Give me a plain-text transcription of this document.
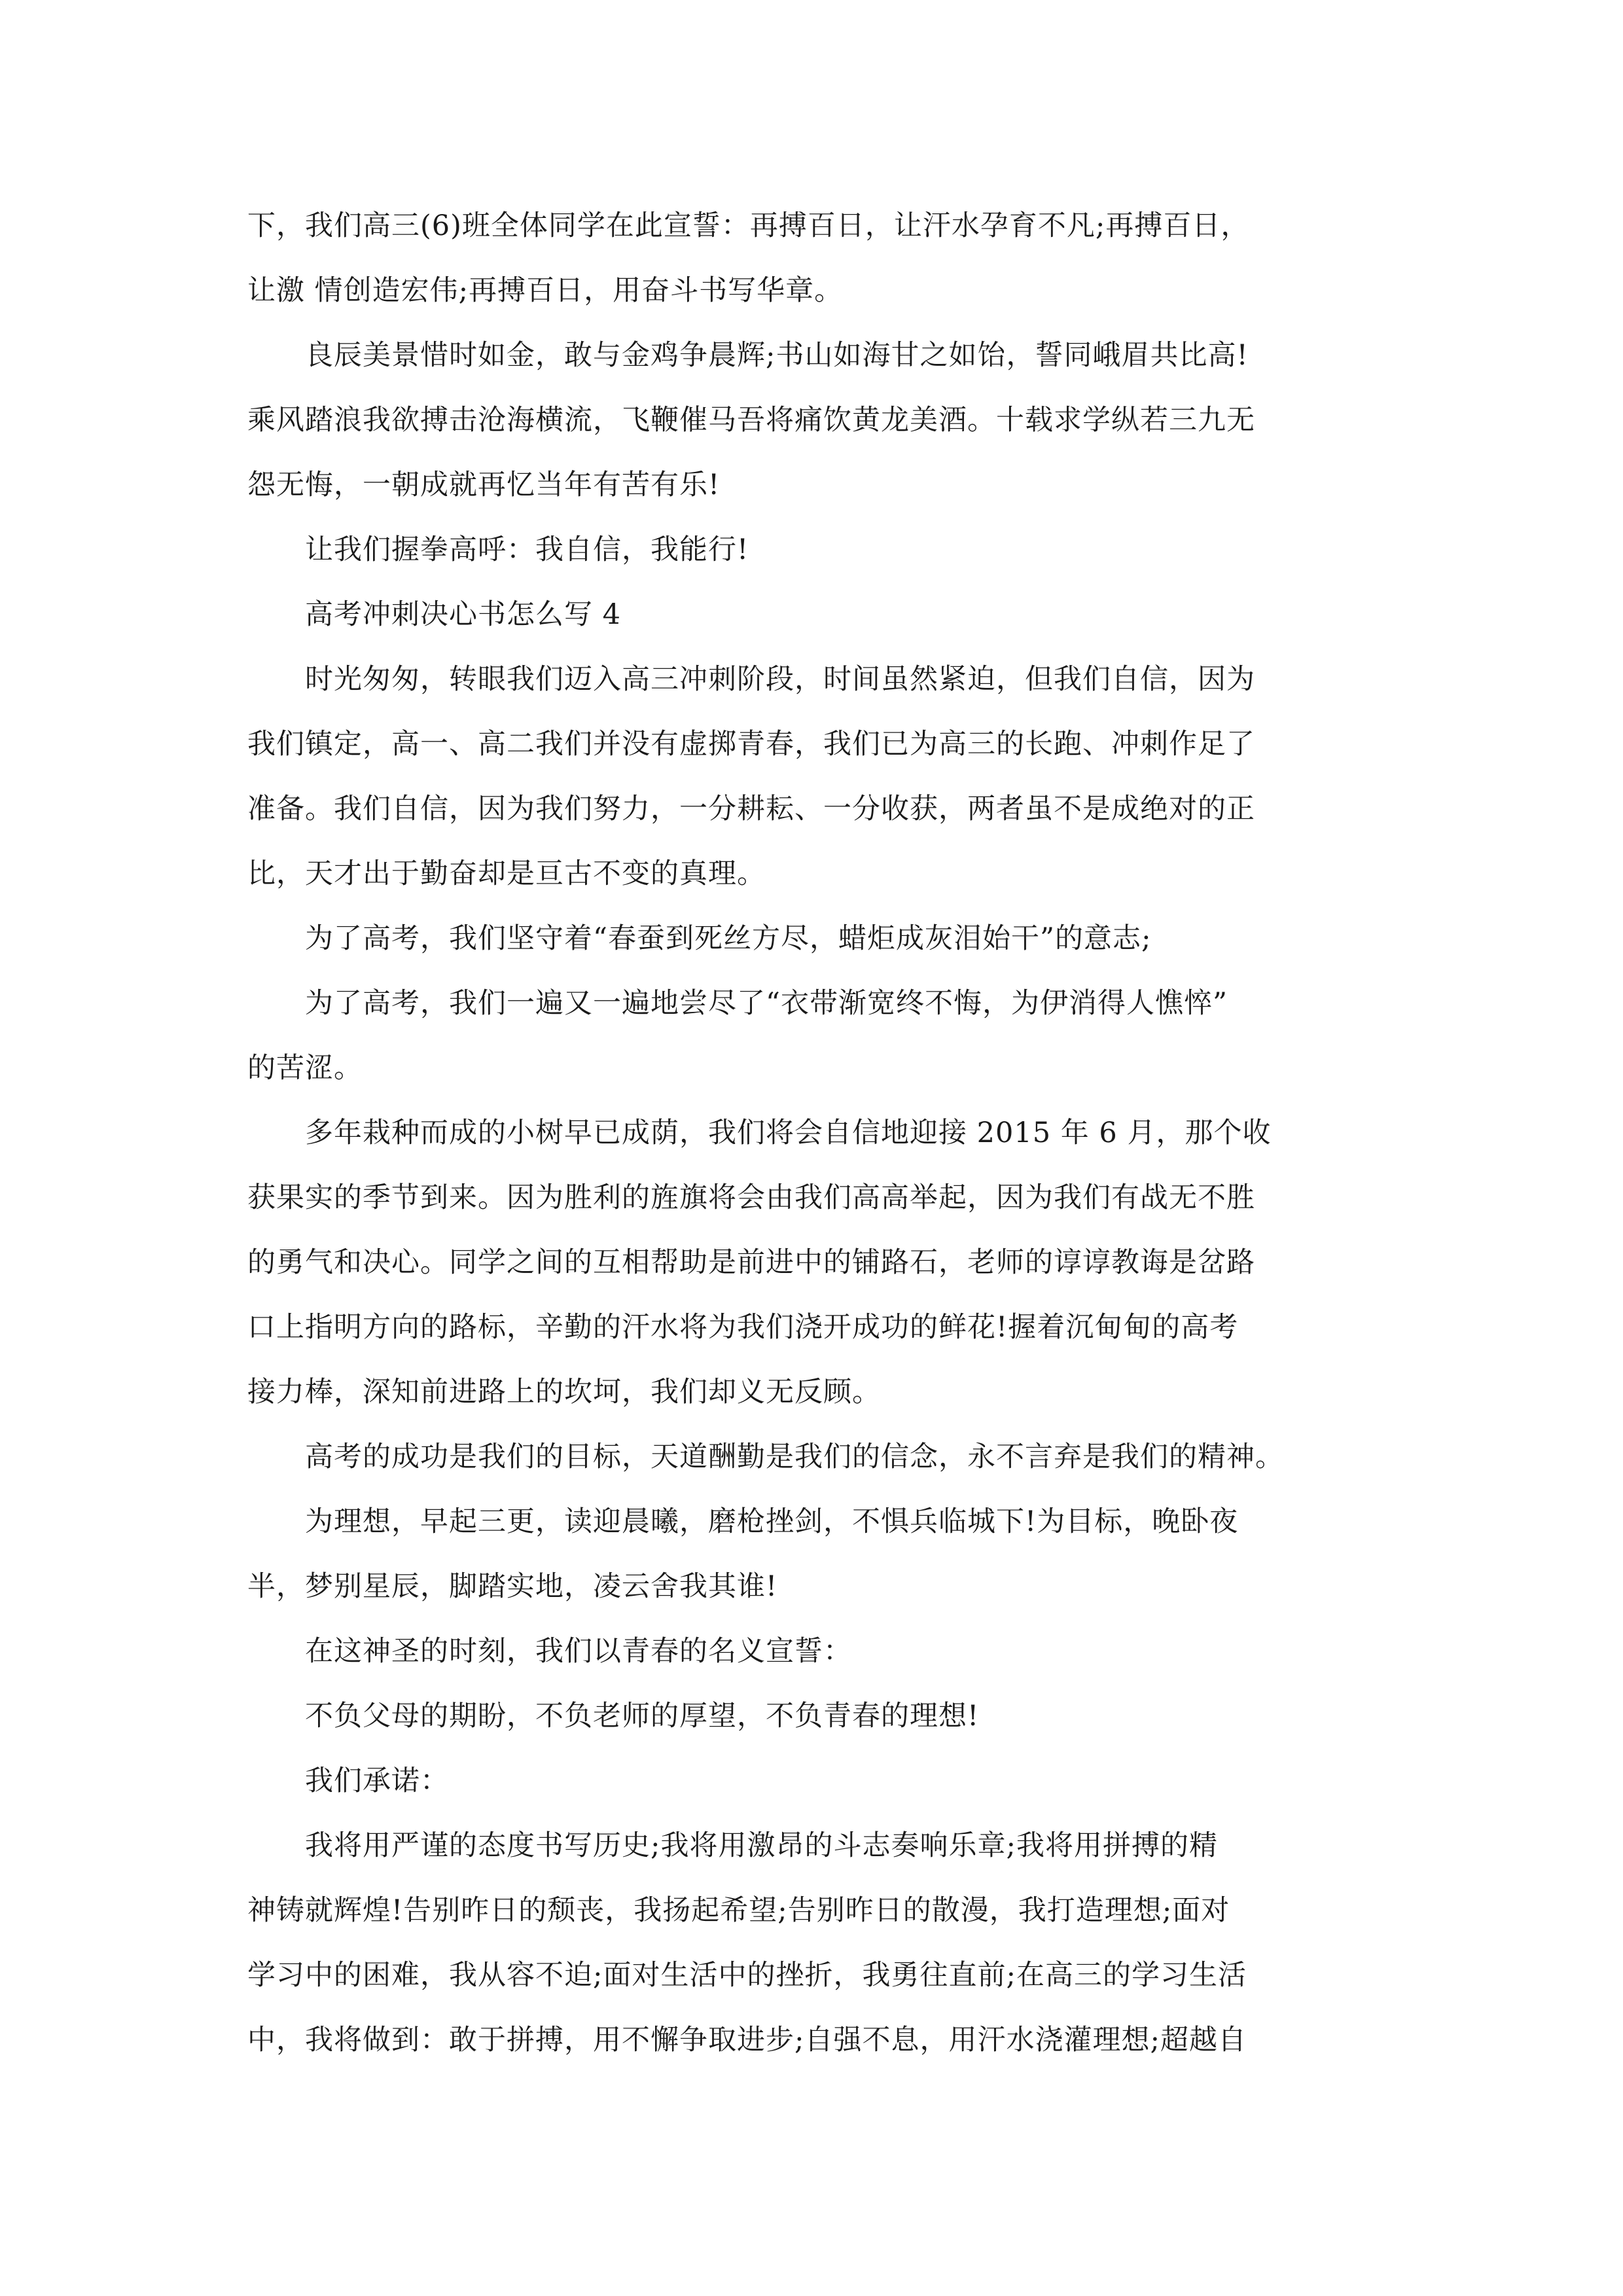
下，我们高三(6)班全体同学在此宣誓：再搏百日，让汗水孕育不凡;再搏百日，
让激 情创造宏伟;再搏百日，用奋斗书写华章。

良辰美景惜时如金，敢与金鸡争晨辉;书山如海甘之如饴，誓同峨眉共比高!
乘风踏浪我欲搏击沧海横流，飞鞭催马吾将痛饮黄龙美酒。十载求学纵若三九无
怨无悔，一朝成就再忆当年有苦有乐!

让我们握拳高呼：我自信，我能行!

高考冲刺决心书怎么写 4

时光匆匆，转眼我们迈入高三冲刺阶段，时间虽然紧迫，但我们自信，因为
我们镇定，高一、高二我们并没有虚掷青春，我们已为高三的长跑、冲刺作足了
准备。我们自信，因为我们努力，一分耕耘、一分收获，两者虽不是成绝对的正
比，天才出于勤奋却是亘古不变的真理。

为了高考，我们坚守着“春蚕到死丝方尽，蜡炬成灰泪始干”的意志;

为了高考，我们一遍又一遍地尝尽了“衣带渐宽终不悔，为伊消得人憔悴”
的苦涩。

多年栽种而成的小树早已成荫，我们将会自信地迎接 2015 年 6 月，那个收
获果实的季节到来。因为胜利的旌旗将会由我们高高举起，因为我们有战无不胜
的勇气和决心。同学之间的互相帮助是前进中的铺路石，老师的谆谆教诲是岔路
口上指明方向的路标，辛勤的汗水将为我们浇开成功的鲜花!握着沉甸甸的高考
接力棒，深知前进路上的坎坷，我们却义无反顾。

高考的成功是我们的目标，天道酬勤是我们的信念，永不言弃是我们的精神。

为理想，早起三更，读迎晨曦，磨枪挫剑，不惧兵临城下!为目标，晚卧夜
半，梦别星辰，脚踏实地，凌云舍我其谁!

在这神圣的时刻，我们以青春的名义宣誓：

不负父母的期盼，不负老师的厚望，不负青春的理想!

我们承诺：

我将用严谨的态度书写历史;我将用激昂的斗志奏响乐章;我将用拼搏的精
神铸就辉煌!告别昨日的颓丧，我扬起希望;告别昨日的散漫，我打造理想;面对
学习中的困难，我从容不迫;面对生活中的挫折，我勇往直前;在高三的学习生活
中，我将做到：敢于拼搏，用不懈争取进步;自强不息，用汗水浇灌理想;超越自
